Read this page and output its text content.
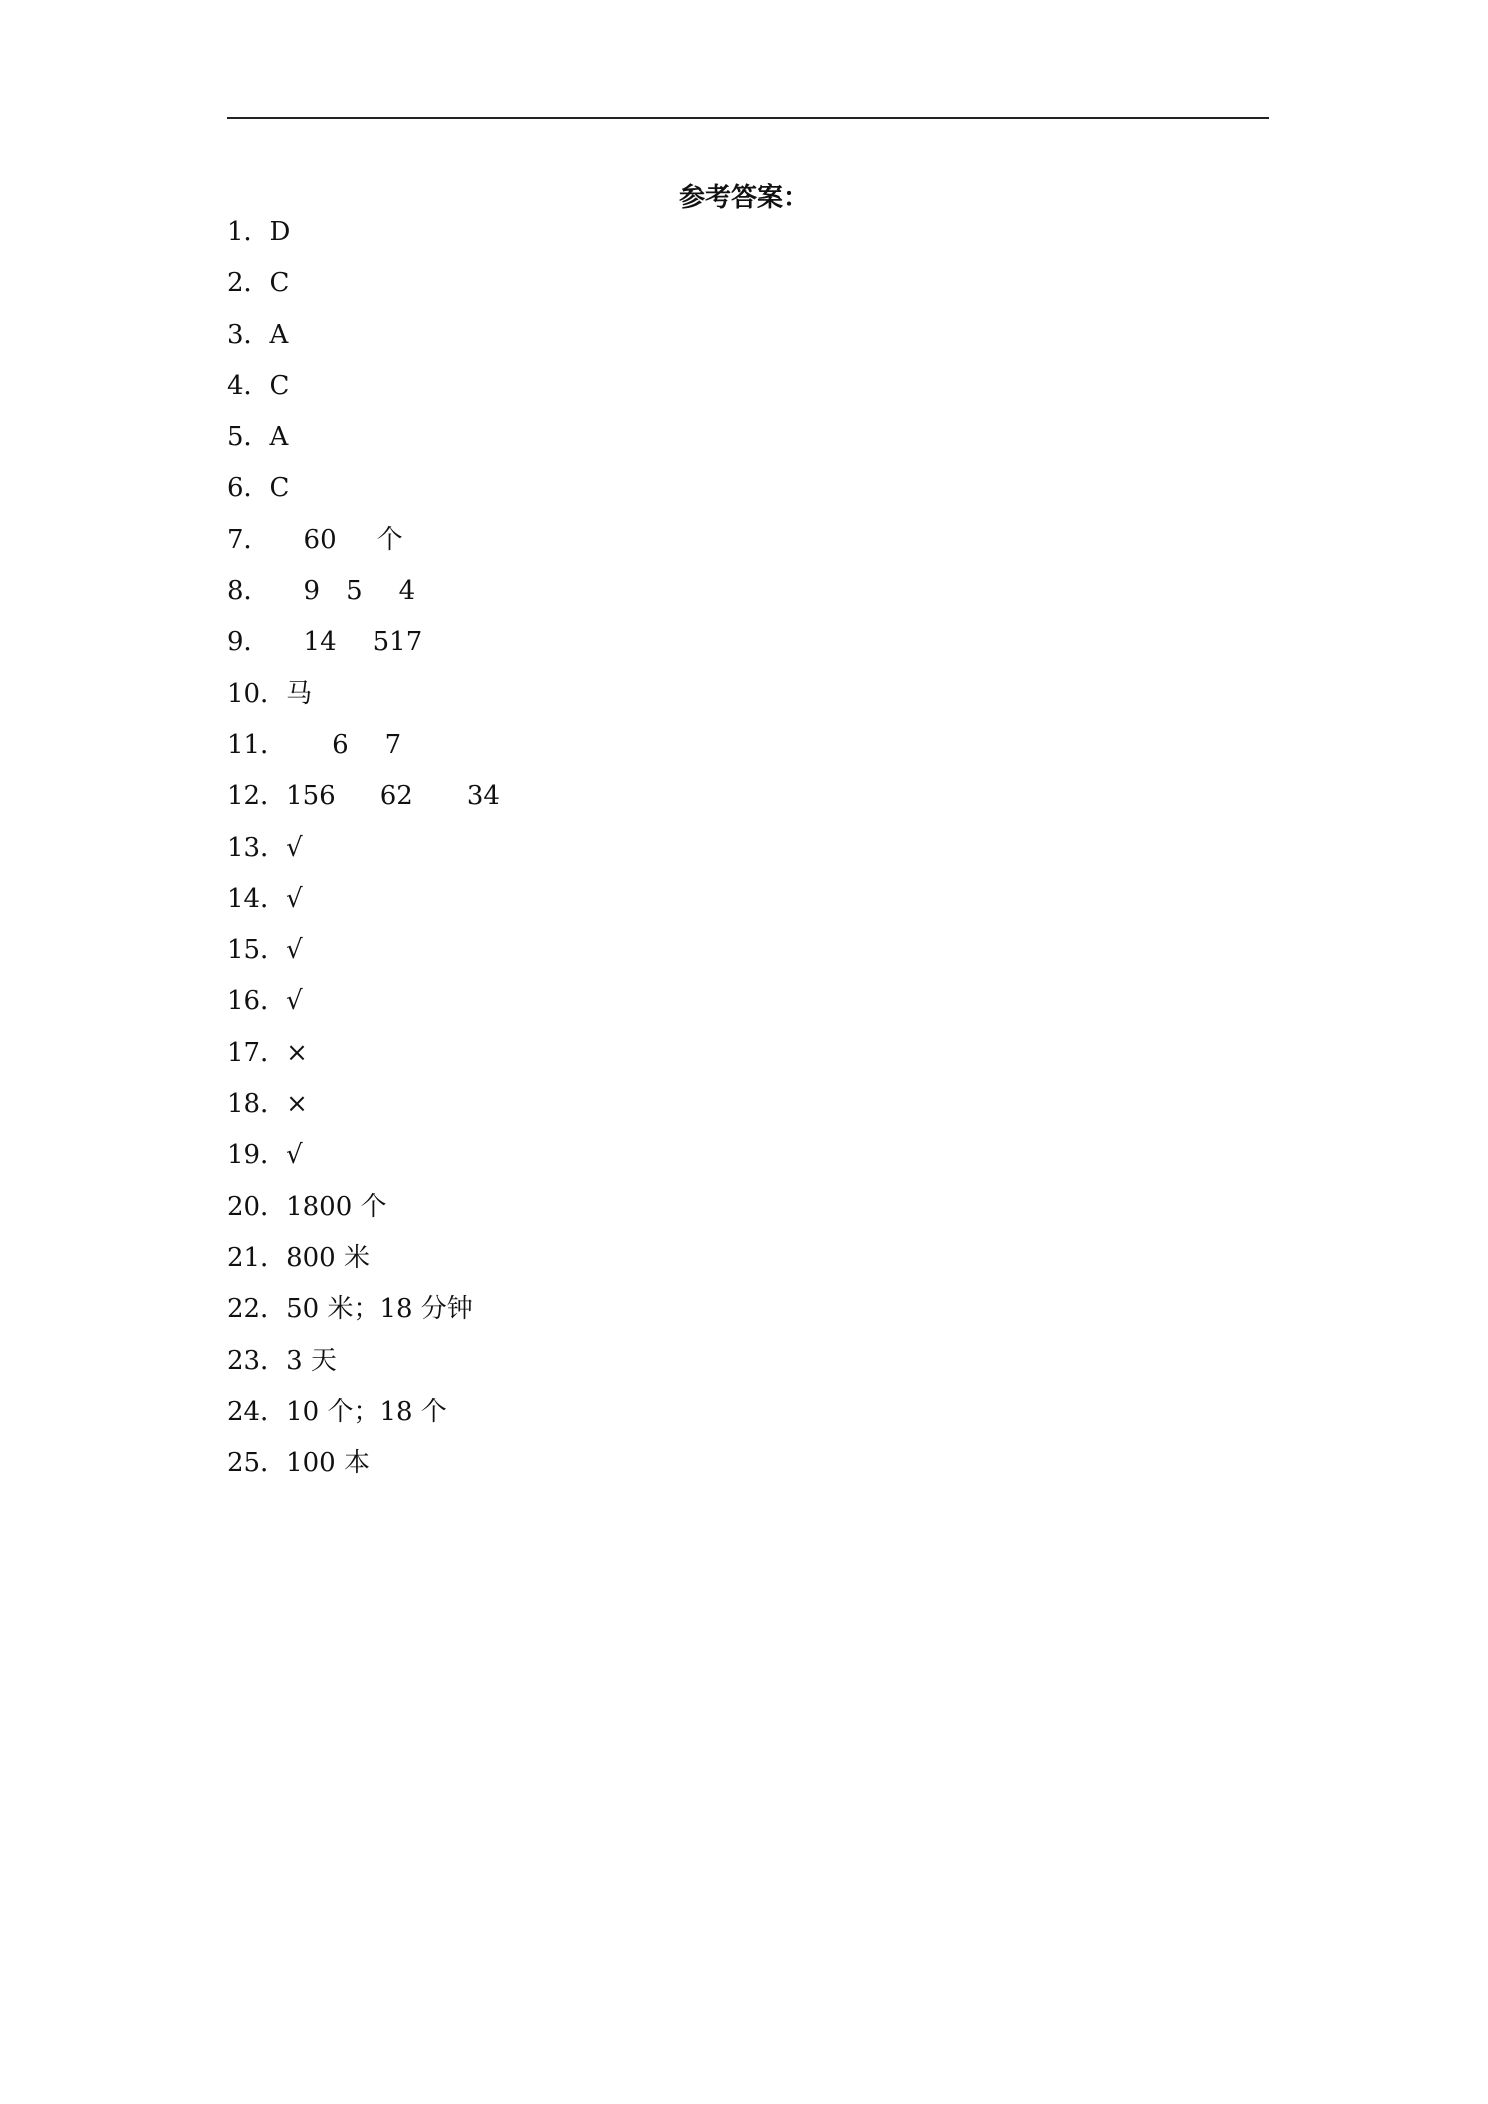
参考答案：
1．D
2．C
3．A
4．C
5．A
6．C
7． 60 个
8． 9 5 4
9． 14 517
10．马
11． 6 7
12．156 62 34
13．√
14．√
15．√
16．√
17．×
18．×
19．√
20．1800 个
21．800 米
22．50 米；18 分钟
23．3 天
24．10 个；18 个
25．100 本
